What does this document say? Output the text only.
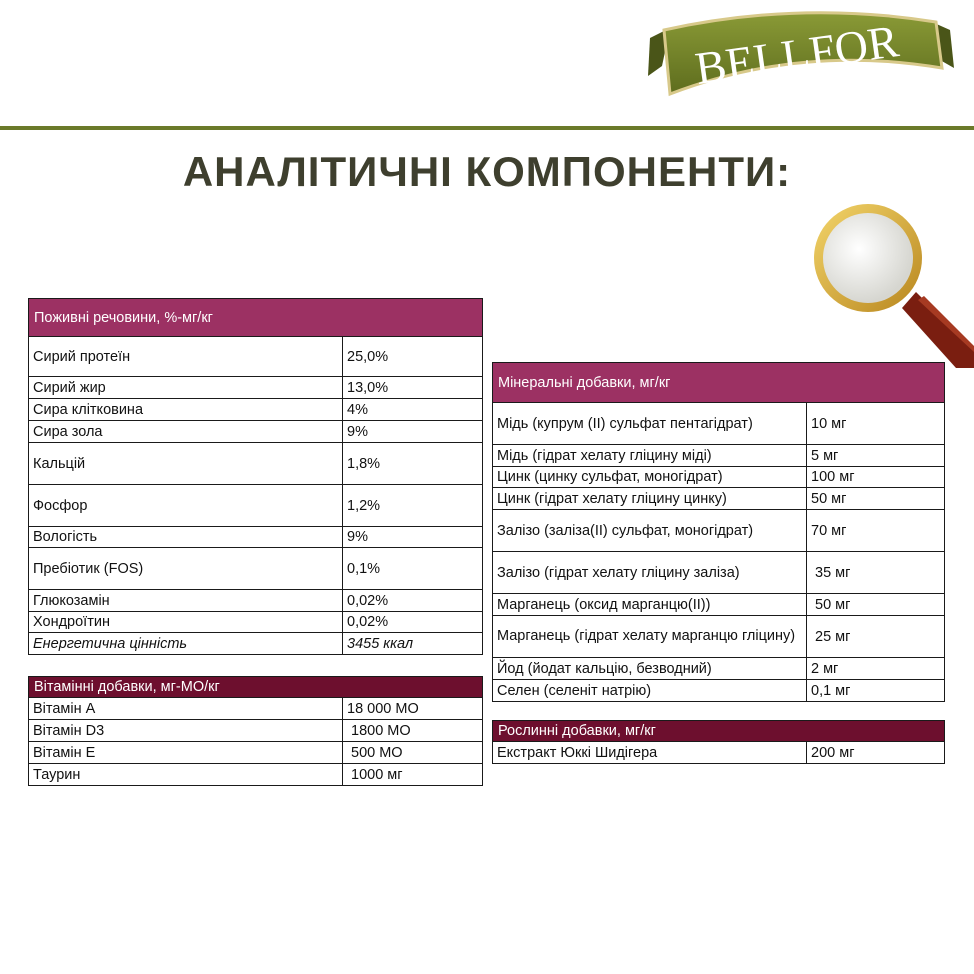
BELLFOR
АНАЛІТИЧНІ КОМПОНЕНТИ:
Поживні речовини, %-мг/кг	
Сирий протеїн	25,0%
Сирий жир	13,0%
Сира клітковина	4%
Сира зола	9%
Кальцій	1,8%
Фосфор	1,2%
Вологість	9%
Пребіотик (FOS)	0,1%
Глюкозамін	0,02%
Хондроїтин	0,02%
Енергетична цінність	3455 ккал
Вітамінні добавки, мг-МО/кг	
Вітамін А	18 000 МО
Вітамін D3	1800 МО
Вітамін Е	500 МО
Таурин	1000 мг
Мінеральні добавки, мг/кг	
Мідь (купрум (ІІ) сульфат пентагідрат)	10 мг
Мідь (гідрат хелату гліцину міді)	5 мг
Цинк (цинку сульфат, моногідрат)	100 мг
Цинк (гідрат хелату гліцину цинку)	50 мг
Залізо (заліза(ІІ) сульфат, моногідрат)	70 мг
Залізо (гідрат хелату гліцину заліза)	35 мг
Марганець (оксид марганцю(ІІ))	50 мг
Марганець (гідрат хелату марганцю гліцину)	25 мг
Йод (йодат кальцію, безводний)	2 мг
Селен (селеніт натрію)	0,1 мг
Рослинні добавки, мг/кг
Екстракт Юккі Шидігера	200 мг
